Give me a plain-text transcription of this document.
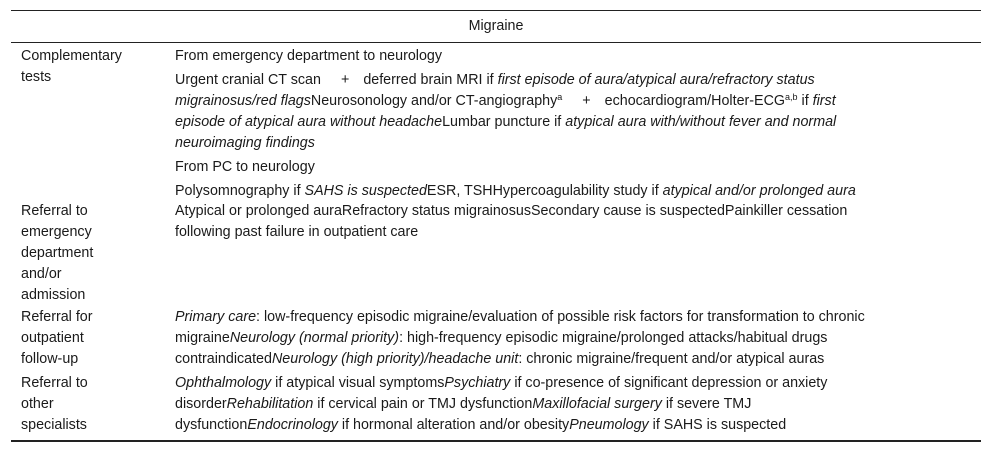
Migraine
Complementary
tests
From emergency department to neurology
Urgent cranial CT scan + deferred brain MRI if first episode of aura/atypical aura/refractory status
migrainosus/red flagsNeurosonology and/or CT-angiography$^a$ + echocardiogram/Holter-ECG$^{a,b}$ if first
episode of atypical aura without headacheLumbar puncture if atypical aura with/without fever and normal
neuroimaging findings
From PC to neurology
Polysomnography if SAHS is suspectedESR, TSHHypercoagulability study if atypical and/or prolonged aura
Referral to
emergency
department
and/or
admission
Atypical or prolonged auraRefractory status migrainosusSecondary cause is suspectedPainkiller cessation
following past failure in outpatient care
Referral for
outpatient
follow-up
Primary care: low-frequency episodic migraine/evaluation of possible risk factors for transformation to chronic
migraineNeurology (normal priority): high-frequency episodic migraine/prolonged attacks/habitual drugs
contraindicatedNeurology (high priority)/headache unit: chronic migraine/frequent and/or atypical auras
Referral to
other
specialists
Ophthalmology if atypical visual symptomsPsychiatry if co-presence of significant depression or anxiety
disorderRehabilitation if cervical pain or TMJ dysfunctionMaxillofacial surgery if severe TMJ
dysfunctionEndocrinology if hormonal alteration and/or obesityPneumology if SAHS is suspected
